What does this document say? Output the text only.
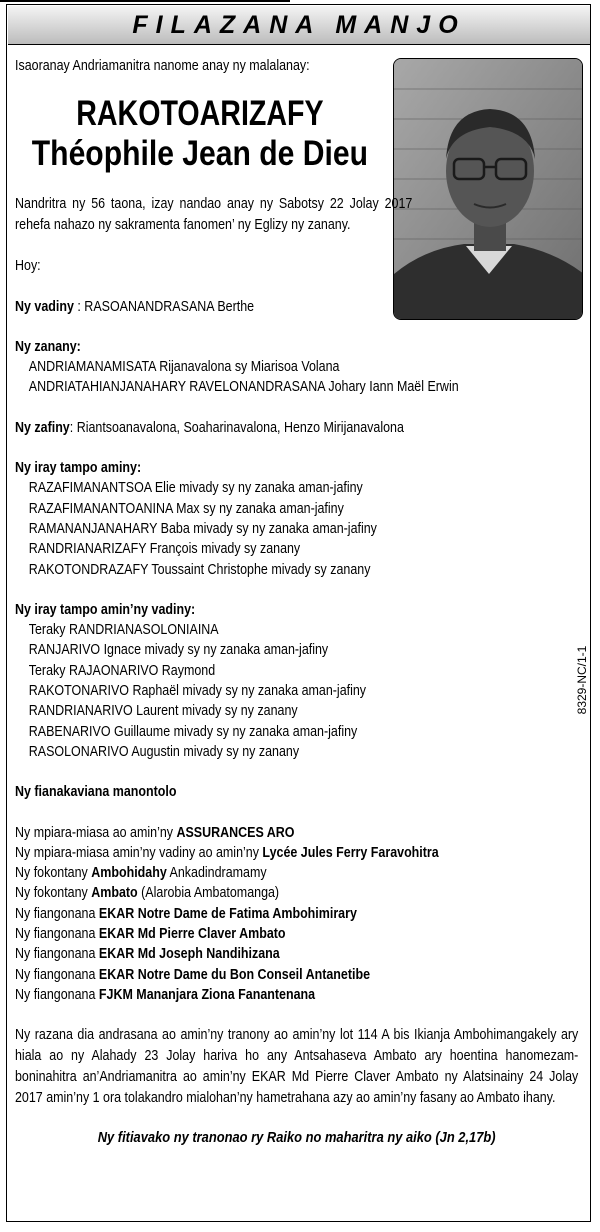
FILAZANA MANJO
8329-NC/1-1
Isaoranay Andriamanitra nanome anay ny malalanay:
RAKOTOARIZAFY
Théophile Jean de Dieu
Nandritra ny 56 taona, izay nandao anay ny Sabotsy 22 Jolay 2017 rehefa nahazo ny sakramenta fanomen’ ny Eglizy ny zanany.
Hoy:
Ny vadiny : RASOANANDRASANA Berthe
Ny zanany:
ANDRIAMANAMISATA Rijanavalona sy Miarisoa Volana
ANDRIATAHIANJANAHARY RAVELONANDRASANA Johary Iann Maël Erwin
Ny zafiny: Riantsoanavalona, Soaharinavalona, Henzo Mirijanavalona
Ny iray tampo aminy:
RAZAFIMANANTSOA Elie mivady sy ny zanaka aman-jafiny
RAZAFIMANANTOANINA Max sy ny zanaka aman-jafiny
RAMANANJANAHARY Baba mivady sy ny zanaka aman-jafiny
RANDRIANARIZAFY François mivady sy zanany
RAKOTONDRAZAFY Toussaint Christophe mivady sy zanany
Ny iray tampo amin’ny vadiny:
Teraky RANDRIANASOLONIAINA
RANJARIVO Ignace mivady sy ny zanaka aman-jafiny
Teraky RAJAONARIVO Raymond
RAKOTONARIVO Raphaël mivady sy ny zanaka aman-jafiny
RANDRIANARIVO Laurent mivady sy ny zanany
RABENARIVO Guillaume mivady sy ny zanaka aman-jafiny
RASOLONARIVO Augustin mivady sy ny zanany
Ny fianakaviana manontolo
Ny mpiara-miasa ao amin’ny ASSURANCES ARO
Ny mpiara-miasa amin’ny vadiny ao amin’ny Lycée Jules Ferry Faravohitra
Ny fokontany Ambohidahy Ankadindramamy
Ny fokontany Ambato (Alarobia Ambatomanga)
Ny fiangonana EKAR Notre Dame de Fatima Ambohimirary
Ny fiangonana EKAR Md Pierre Claver Ambato
Ny fiangonana EKAR Md Joseph Nandihizana
Ny fiangonana EKAR Notre Dame du Bon Conseil Antanetibe
Ny fiangonana FJKM Mananjara Ziona Fanantenana
Ny razana dia andrasana ao amin’ny tranony ao amin’ny lot 114 A bis Ikianja Ambohimangakely ary hiala ao ny Alahady 23 Jolay hariva ho any Antsahaseva Ambato ary hoentina hanomezam-boninahitra an’Andriamanitra ao amin’ny EKAR Md Pierre Claver Ambato ny Alatsinainy 24 Jolay 2017 amin’ny 1 ora tolakandro mialohan’ny hametrahana azy ao amin’ny fasany ao Ambato ihany.
Ny fitiavako ny tranonao ry Raiko no maharitra ny aiko (Jn 2,17b)
